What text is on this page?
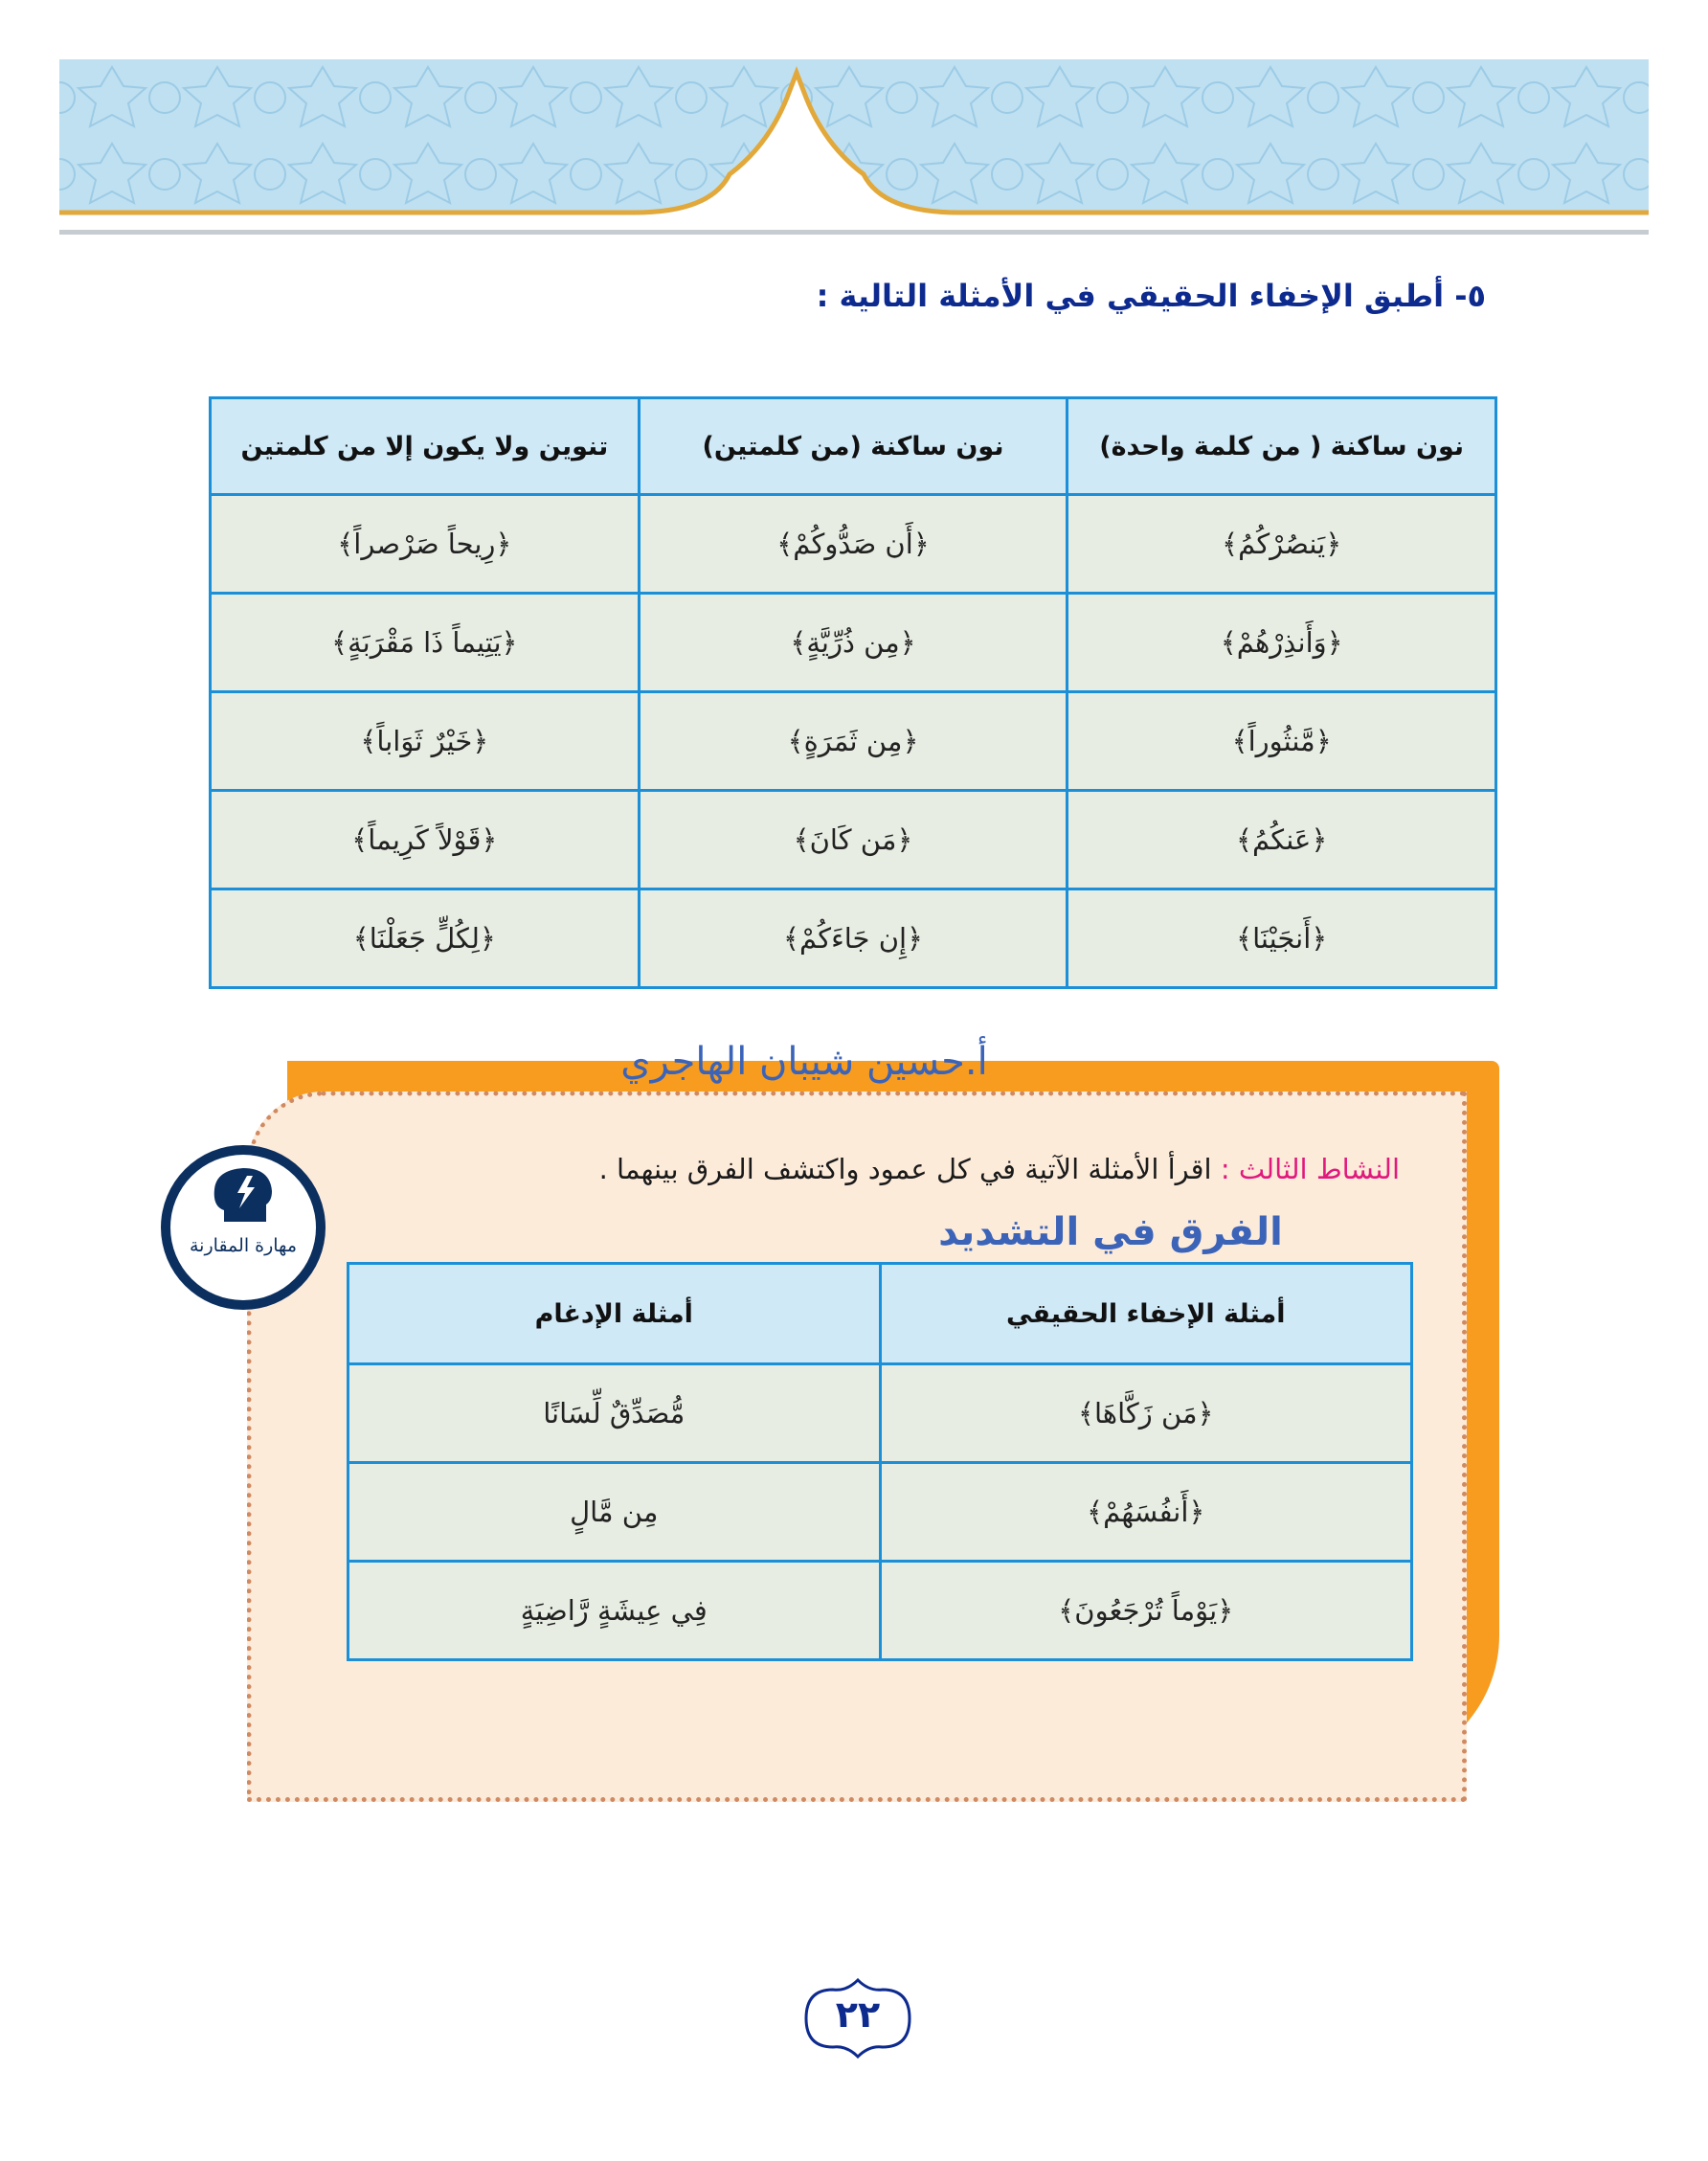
٥- أطبق الإخفاء الحقيقي في الأمثلة التالية :
نون ساكنة ( من كلمة واحدة)	نون ساكنة (من كلمتين)	تنوين ولا يكون إلا من كلمتين
﴿يَنصُرْكُمُ﴾	﴿أَن صَدُّوكُمْ﴾	﴿رِيحاً صَرْصراً﴾
﴿وَأَنذِرْهُمْ﴾	﴿مِن ذُرِّيَّةٍ﴾	﴿يَتِيماً ذَا مَقْرَبَةٍ﴾
﴿مَّنثُوراً﴾	﴿مِن ثَمَرَةٍ﴾	﴿خَيْرٌ ثَوَاباً﴾
﴿عَنكُمُ﴾	﴿مَن كَانَ﴾	﴿قَوْلاً كَرِيماً﴾
﴿أَنجَيْنَا﴾	﴿إِن جَاءَكُمْ﴾	﴿لِكُلٍّ جَعَلْنَا﴾
أ.حسين شيبان الهاجري
النشاط الثالث : اقرأ الأمثلة الآتية في كل عمود واكتشف الفرق بينهما .
الفرق في التشديد
مهارة المقارنة
أمثلة الإخفاء الحقيقي	أمثلة الإدغام
﴿مَن زَكَّاهَا﴾	مُّصَدِّقٌ لِّسَانًا
﴿أَنفُسَهُمْ﴾	مِن مَّالٍ
﴿يَوْماً تُرْجَعُونَ﴾	فِي عِيشَةٍ رَّاضِيَةٍ
٢٢
